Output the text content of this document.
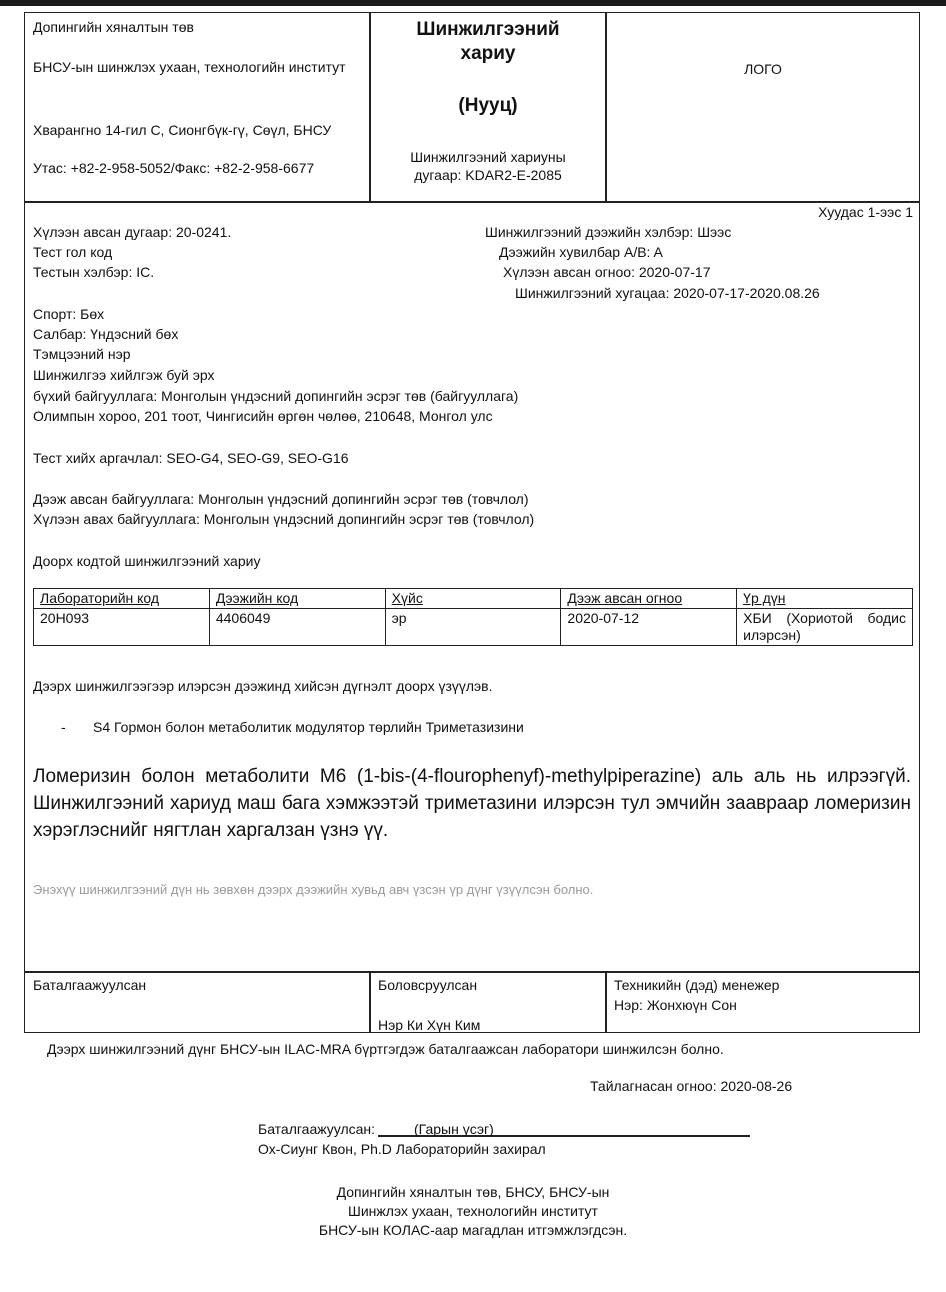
Допингийн хяналтын төв
БНСУ-ын шинжлэх ухаан, технологийн институт
Хварангно 14-гил С, Сионгбүк-гү, Сөүл, БНСУ
Утас: +82-2-958-5052/Факс: +82-2-958-6677
Шинжилгээний хариу
(Нууц)
Шинжилгээний хариуны дугаар: KDAR2-E-2085
ЛОГО
Хуудас 1-ээс 1
Хүлээн авсан дугаар: 20-0241.
Тест гол код
Тестын хэлбэр: IC.
Шинжилгээний дээжийн хэлбэр: Шээс
Дээжийн хувилбар A/B: A
Хүлээн авсан огноо: 2020-07-17
Шинжилгээний хугацаа: 2020-07-17-2020.08.26
Спорт: Бөх
Салбар: Үндэсний бөх
Тэмцээний нэр
Шинжилгээ хийлгэж буй эрх
бүхий байгууллага: Монголын үндэсний допингийн эсрэг төв (байгууллага)
Олимпын хороо, 201 тоот, Чингисийн өргөн чөлөө, 210648, Монгол улс
Тест хийх аргачлал: SEO-G4, SEO-G9, SEO-G16
Дээж авсан байгууллага: Монголын үндэсний допингийн эсрэг төв (товчлол)
Хүлээн авах байгууллага: Монголын үндэсний допингийн эсрэг төв (товчлол)
Доорх кодтой шинжилгээний хариу
Лабораторийн код	Дээжийн код	Хүйс	Дээж авсан огноо	Үр дүн
20H093	4406049	эр	2020-07-12	ХБИ (Хориотой бодис илэрсэн)
Дээрх шинжилгээгээр илэрсэн дээжинд хийсэн дүгнэлт доорх үзүүлэв.
- S4 Гормон болон метаболитик модулятор төрлийн Триметазизини
Ломеризин болон метаболити М6 (1-bis-(4-flourophenyf)-methylpiperazine) аль аль нь илрээгүй. Шинжилгээний хариуд маш бага хэмжээтэй триметазини илэрсэн тул эмчийн заавраар ломеризин хэрэглэснийг нягтлан харгалзан үзнэ үү.
Энэхүү шинжилгээний дүн нь зөвхөн дээрх дээжийн хувьд авч үзсэн үр дүнг үзүүлсэн болно.
Баталгаажуулсан	Боловсруулсан
Нэр Ки Хүн Ким
Техникийн (дэд) менежер
Нэр: Жонхюүн Сон
Дээрх шинжилгээний дүнг БНСУ-ын ILAC-MRA бүртгэгдэж баталгаажсан лаборатори шинжилсэн болно.
Тайлагнасан огноо: 2020-08-26
Баталгаажуулсан:	(Гарын үсэг)
Ох-Сиунг Квон, Ph.D Лабораторийн захирал
Допингийн хяналтын төв, БНСУ, БНСУ-ын
Шинжлэх ухаан, технологийн институт
БНСУ-ын КОЛАС-аар магадлан итгэмжлэгдсэн.
